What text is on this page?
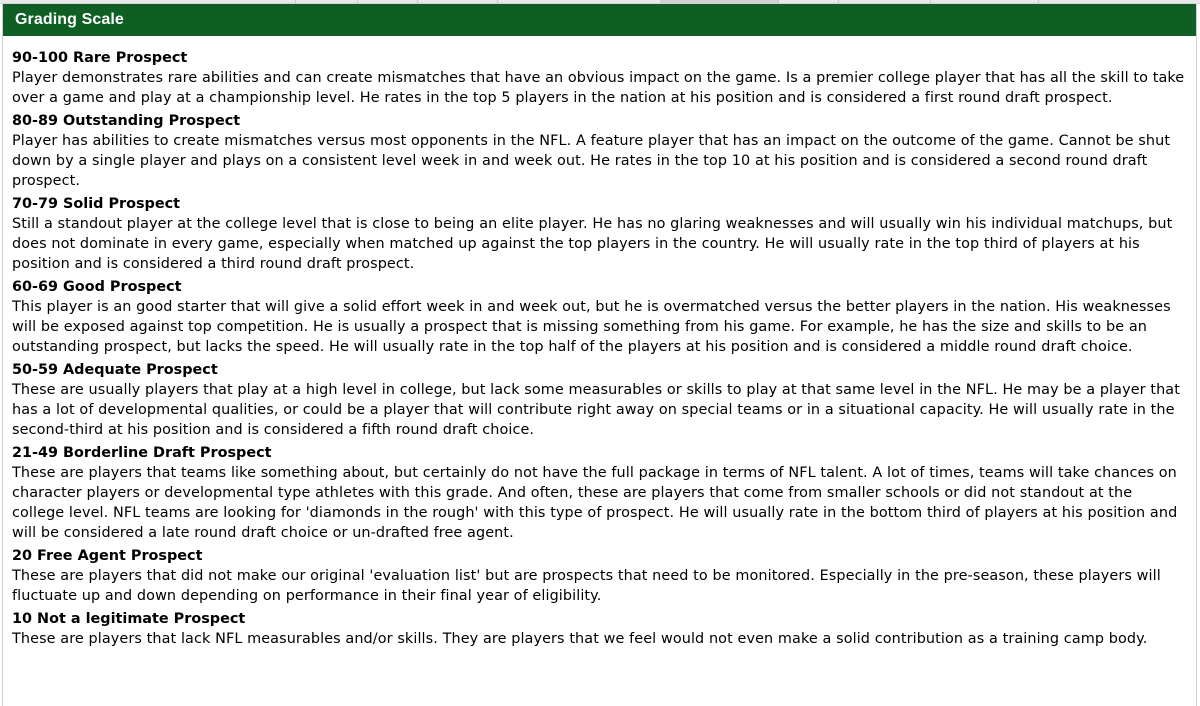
Grading Scale
90-100 Rare Prospect
Player demonstrates rare abilities and can create mismatches that have an obvious impact on the game. Is a premier college player that has all the skill to take over a game and play at a championship level. He rates in the top 5 players in the nation at his position and is considered a first round draft prospect.
80-89 Outstanding Prospect
Player has abilities to create mismatches versus most opponents in the NFL. A feature player that has an impact on the outcome of the game. Cannot be shut down by a single player and plays on a consistent level week in and week out. He rates in the top 10 at his position and is considered a second round draft prospect.
70-79 Solid Prospect
Still a standout player at the college level that is close to being an elite player. He has no glaring weaknesses and will usually win his individual matchups, but does not dominate in every game, especially when matched up against the top players in the country. He will usually rate in the top third of players at his position and is considered a third round draft prospect.
60-69 Good Prospect
This player is an good starter that will give a solid effort week in and week out, but he is overmatched versus the better players in the nation. His weaknesses will be exposed against top competition. He is usually a prospect that is missing something from his game. For example, he has the size and skills to be an outstanding prospect, but lacks the speed. He will usually rate in the top half of the players at his position and is considered a middle round draft choice.
50-59 Adequate Prospect
These are usually players that play at a high level in college, but lack some measurables or skills to play at that same level in the NFL. He may be a player that has a lot of developmental qualities, or could be a player that will contribute right away on special teams or in a situational capacity. He will usually rate in the second-third at his position and is considered a fifth round draft choice.
21-49 Borderline Draft Prospect
These are players that teams like something about, but certainly do not have the full package in terms of NFL talent. A lot of times, teams will take chances on character players or developmental type athletes with this grade. And often, these are players that come from smaller schools or did not standout at the college level. NFL teams are looking for 'diamonds in the rough' with this type of prospect. He will usually rate in the bottom third of players at his position and will be considered a late round draft choice or un-drafted free agent.
20 Free Agent Prospect
These are players that did not make our original 'evaluation list' but are prospects that need to be monitored. Especially in the pre-season, these players will fluctuate up and down depending on performance in their final year of eligibility.
10 Not a legitimate Prospect
These are players that lack NFL measurables and/or skills. They are players that we feel would not even make a solid contribution as a training camp body.
